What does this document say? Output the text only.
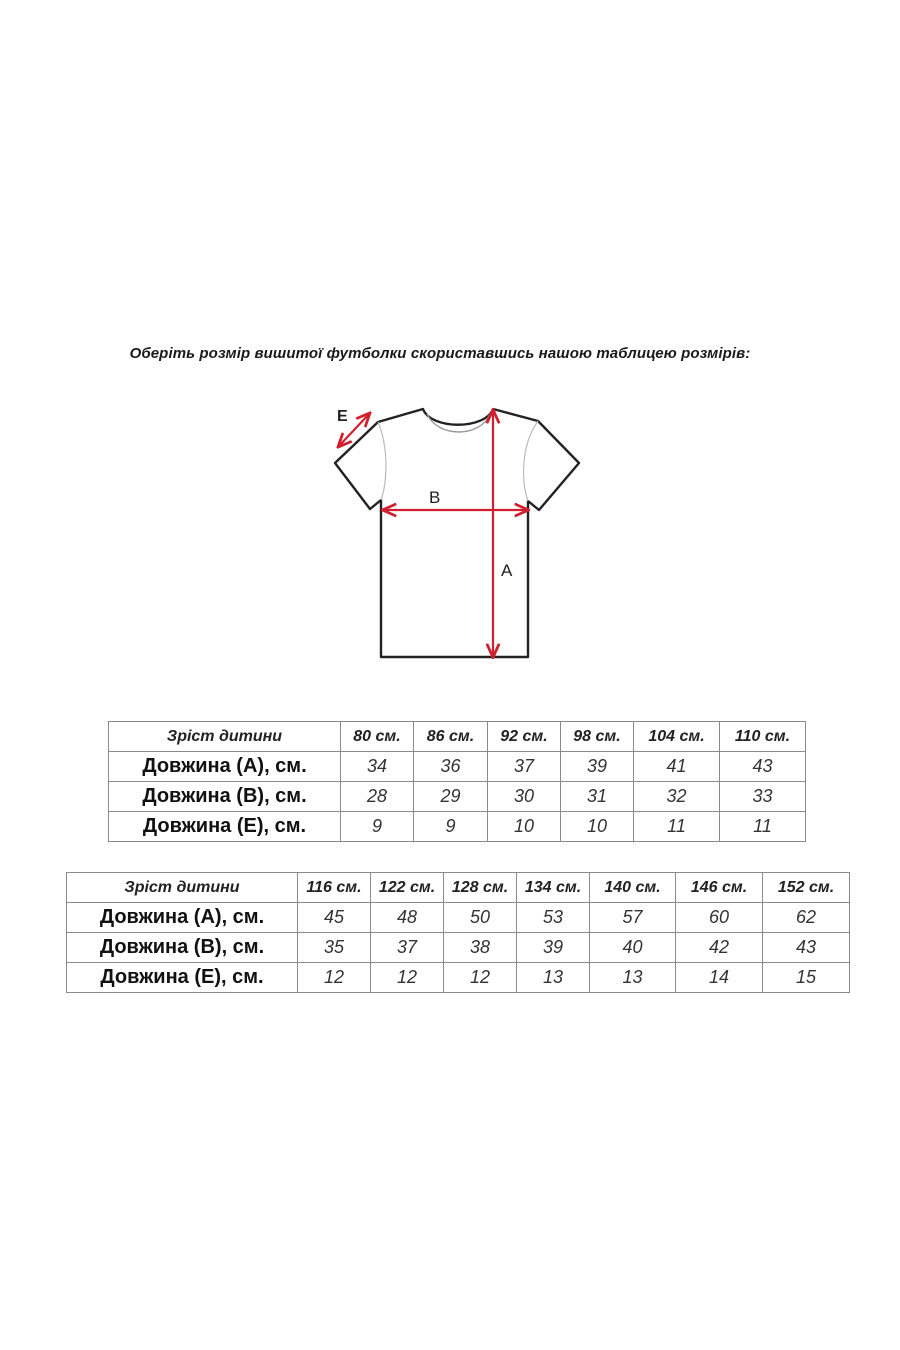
Оберіть розмір вишитої футболки скориставшись нашою таблицею розмірів:
E
B
A
Зріст дитини	80 см.	86 см.	92 см.	98 см.	104 см.	110 см.
Довжина (А), см.	34	36	37	39	41	43
Довжина (В), см.	28	29	30	31	32	33
Довжина (Е), см.	9	9	10	10	11	11
Зріст дитини	116 см.	122 см.	128 см.	134 см.	140 см.	146 см.	152 см.
Довжина (А), см.	45	48	50	53	57	60	62
Довжина (В), см.	35	37	38	39	40	42	43
Довжина (Е), см.	12	12	12	13	13	14	15
